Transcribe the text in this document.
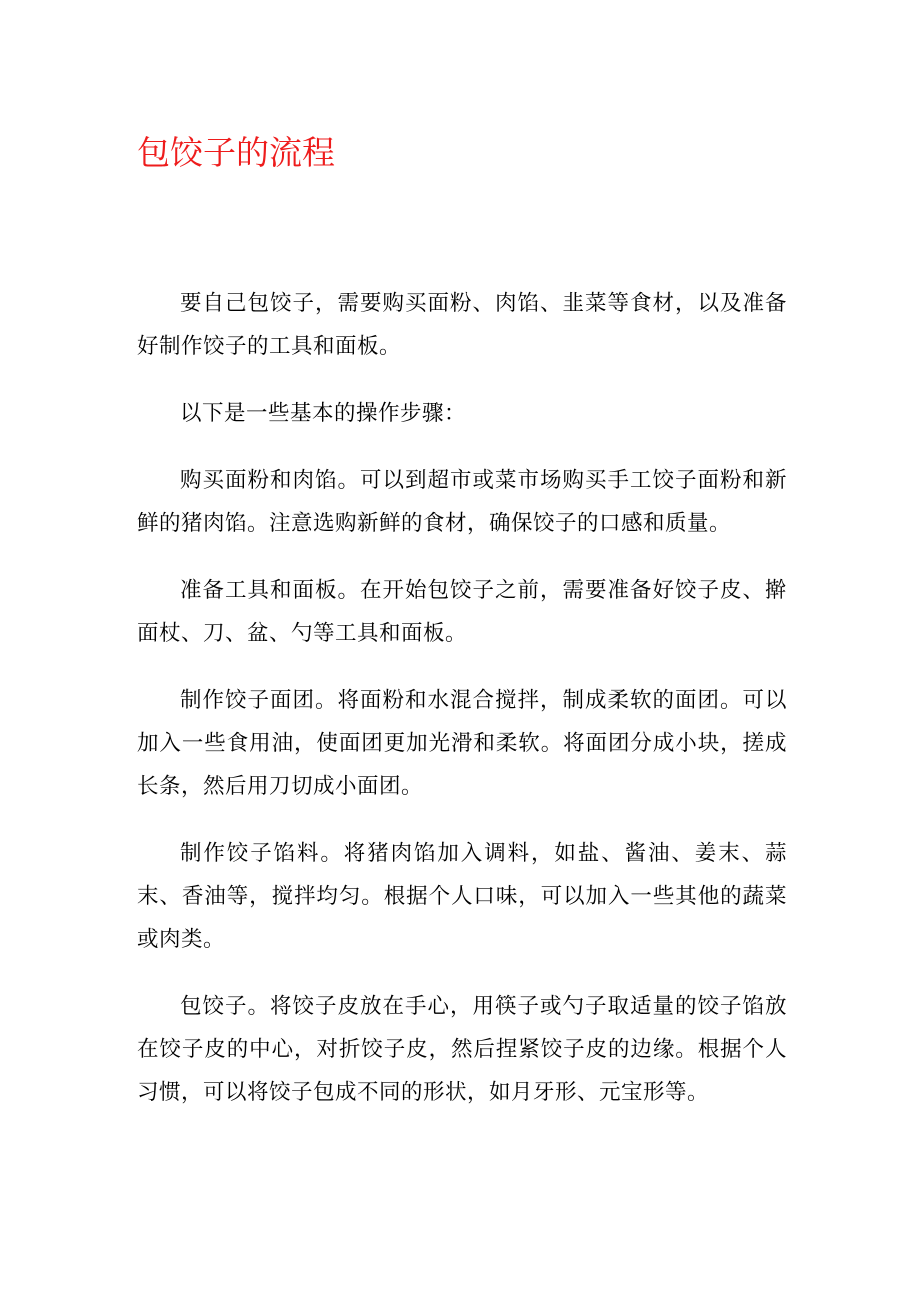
包饺子的流程

要自己包饺子，需要购买面粉、肉馅、韭菜等食材，以及准备好制作饺子的工具和面板。

以下是一些基本的操作步骤：

购买面粉和肉馅。可以到超市或菜市场购买手工饺子面粉和新鲜的猪肉馅。注意选购新鲜的食材，确保饺子的口感和质量。

准备工具和面板。在开始包饺子之前，需要准备好饺子皮、擀面杖、刀、盆、勺等工具和面板。

制作饺子面团。将面粉和水混合搅拌，制成柔软的面团。可以加入一些食用油，使面团更加光滑和柔软。将面团分成小块，搓成长条，然后用刀切成小面团。

制作饺子馅料。将猪肉馅加入调料，如盐、酱油、姜末、蒜末、香油等，搅拌均匀。根据个人口味，可以加入一些其他的蔬菜或肉类。

包饺子。将饺子皮放在手心，用筷子或勺子取适量的饺子馅放在饺子皮的中心，对折饺子皮，然后捏紧饺子皮的边缘。根据个人习惯，可以将饺子包成不同的形状，如月牙形、元宝形等。
